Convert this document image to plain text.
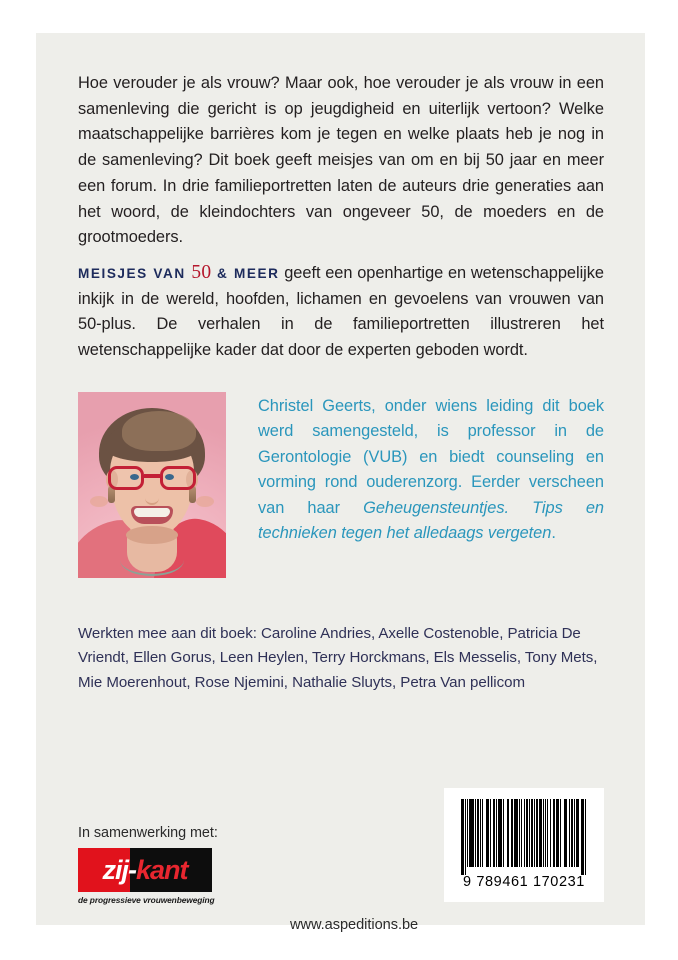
Hoe verouder je als vrouw? Maar ook, hoe verouder je als vrouw in een samenleving die gericht is op jeugdigheid en uiterlijk vertoon? Welke maatschappelijke barrières kom je tegen en welke plaats heb je nog in de samenleving? Dit boek geeft meisjes van om en bij 50 jaar en meer een forum. In drie familieportretten laten de auteurs drie generaties aan het woord, de kleindochters van ongeveer 50, de moeders en de grootmoeders.
MEISJES VAN 50 & MEER geeft een openhartige en wetenschappelijke inkijk in de wereld, hoofden, lichamen en gevoelens van vrouwen van 50-plus. De verhalen in de familieportretten illustreren het wetenschappelijke kader dat door de experten geboden wordt.
Christel Geerts, onder wiens leiding dit boek werd samengesteld, is professor in de Gerontologie (VUB) en biedt counseling en vorming rond ouderenzorg. Eerder verscheen van haar Geheugensteuntjes. Tips en technieken tegen het alledaags vergeten.
Werkten mee aan dit boek: Caroline Andries, Axelle Costenoble, Patricia De Vriendt, Ellen Gorus, Leen Heylen, Terry Horckmans, Els Messelis, Tony Mets, Mie Moerenhout, Rose Njemini, Nathalie Sluyts, Petra Van pellicom
In samenwerking met:
zij - kant
de progressieve vrouwenbeweging
www.aspeditions.be
9 789461 170231
